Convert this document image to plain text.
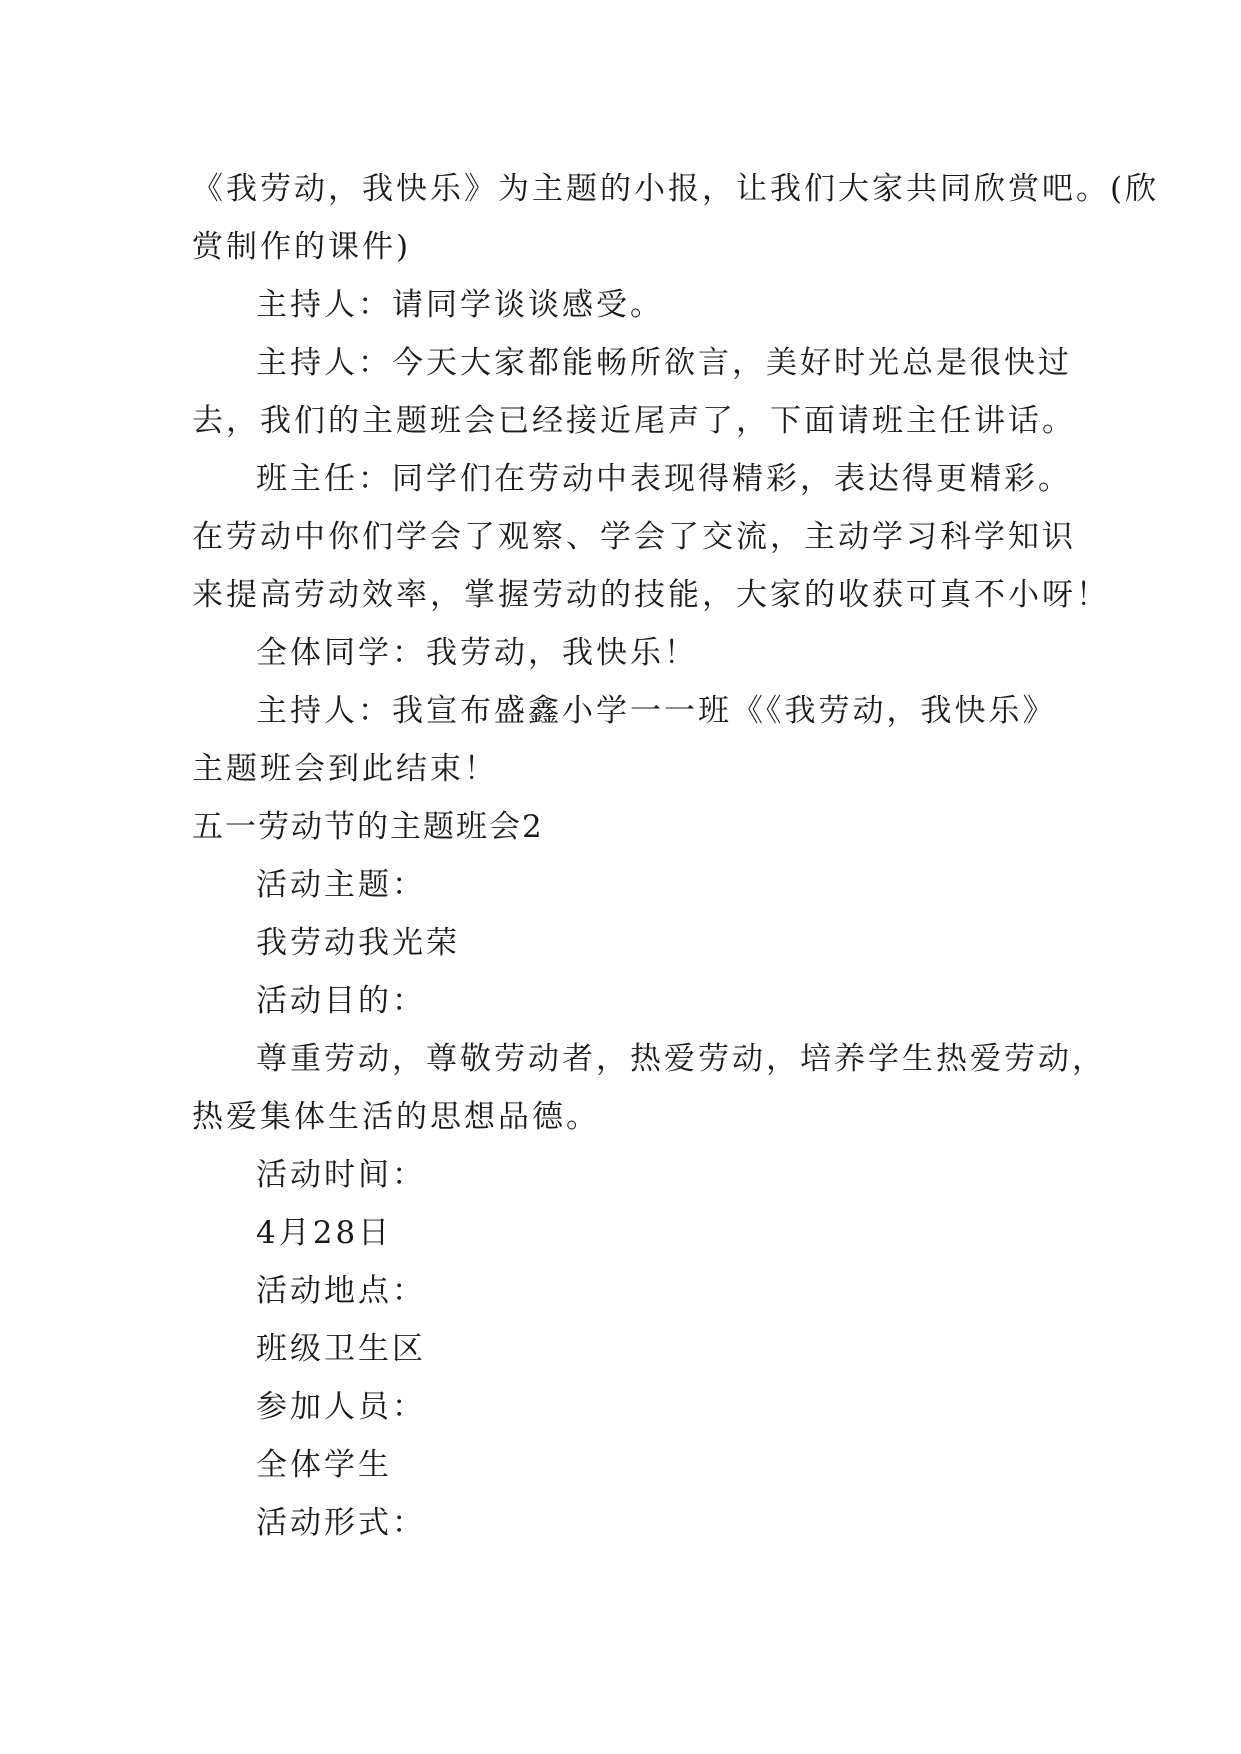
《我劳动，我快乐》为主题的小报，让我们大家共同欣赏吧。(欣
赏制作的课件)
主持人：请同学谈谈感受。
主持人：今天大家都能畅所欲言，美好时光总是很快过
去，我们的主题班会已经接近尾声了，下面请班主任讲话。
班主任：同学们在劳动中表现得精彩，表达得更精彩。
在劳动中你们学会了观察、学会了交流，主动学习科学知识
来提高劳动效率，掌握劳动的技能，大家的收获可真不小呀！
全体同学：我劳动，我快乐！
主持人：我宣布盛鑫小学一一班《《我劳动，我快乐》
主题班会到此结束！
五一劳动节的主题班会2
活动主题：
我劳动我光荣
活动目的：
尊重劳动，尊敬劳动者，热爱劳动，培养学生热爱劳动，
热爱集体生活的思想品德。
活动时间：
4月28日
活动地点：
班级卫生区
参加人员：
全体学生
活动形式：
